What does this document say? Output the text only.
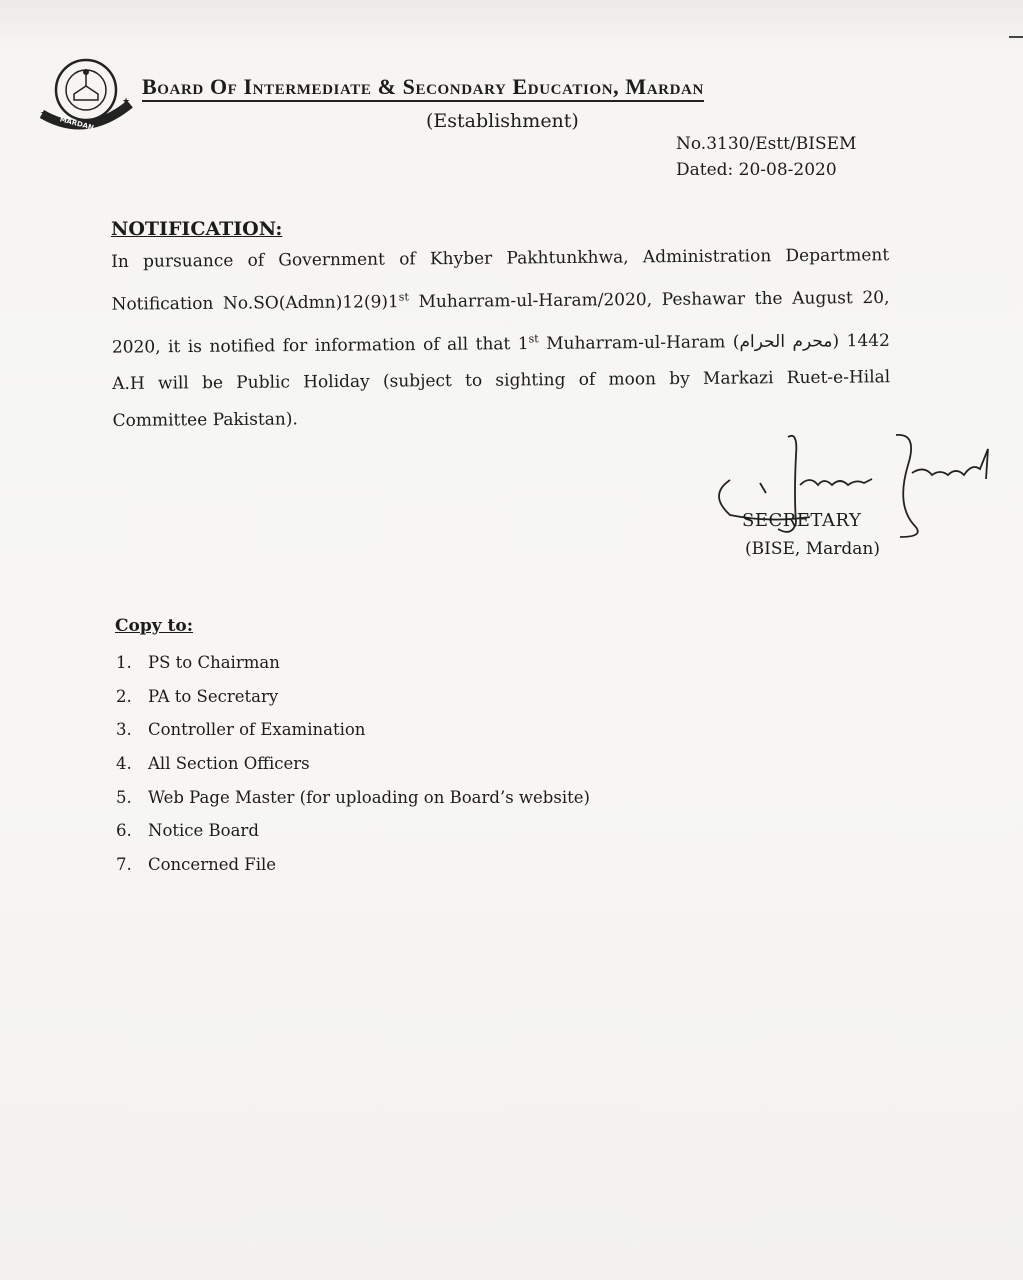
MARDAN
★
★
Board Of Intermediate & Secondary Education, Mardan
(Establishment)
No.3130/Estt/BISEM
Dated: 20-08-2020
NOTIFICATION:
In pursuance of Government of Khyber Pakhtunkhwa, Administration Department Notification No.SO(Admn)12(9)1st Muharram-ul-Haram/2020, Peshawar the August 20, 2020, it is notified for information of all that 1st Muharram-ul-Haram (محرم الحرام) 1442 A.H will be Public Holiday (subject to sighting of moon by Markazi Ruet-e-Hilal Committee Pakistan).
SECRETARY
(BISE, Mardan)
Copy to:
1. PS to Chairman
2. PA to Secretary
3. Controller of Examination
4. All Section Officers
5. Web Page Master (for uploading on Board’s website)
6. Notice Board
7. Concerned File
